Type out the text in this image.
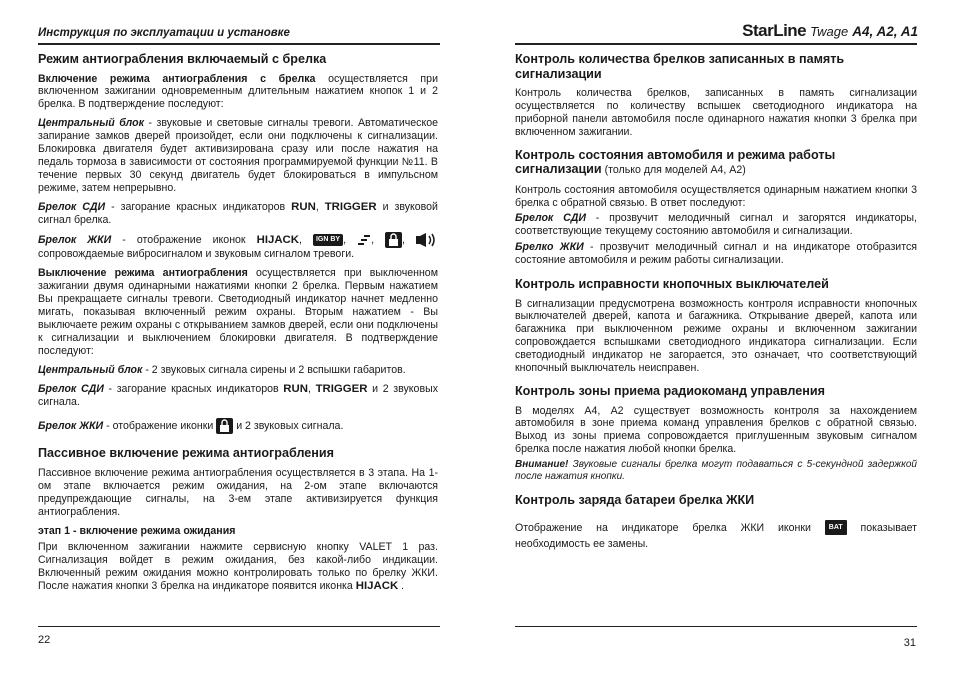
Инструкция по эксплуатации и установке
Режим антиограбления включаемый с брелка

Включение режима антиограбления с брелка осуществляется при включенном зажигании одновременным длительным нажатием кнопок 1 и 2 брелка. В подтверждение последуют:

Центральный блок - звуковые и световые сигналы тревоги. Автоматическое запирание замков дверей произойдет, если они подключены к сигнализации. Блокировка двигателя будет активизирована сразу или после нажатия на педаль тормоза в зависимости от состояния программируемой функции №11. В течение первых 30 секунд двигатель будет блокироваться в импульсном режиме, затем непрерывно.

Брелок СДИ - загорание красных индикаторов RUN, TRIGGER и звуковой сигнал брелка.

Брелок ЖКИ - отображение иконок HIJACK, IGN BY , , ,  сопровождаемые вибросигналом и звуковым сигналом тревоги.

Выключение режима антиограбления осуществляется при выключенном зажигании двумя одинарными нажатиями кнопки 2 брелка. Первым нажатием Вы прекращаете сигналы тревоги. Светодиодный индикатор начнет медленно мигать, показывая включенный режим охраны. Вторым нажатием - Вы выключаете режим охраны с открыванием замков дверей, если они подключены к сигнализации и выключением блокировки двигателя. В подтверждение последуют:

Центральный блок - 2 звуковых сигнала сирены и 2 вспышки габаритов.

Брелок СДИ - загорание красных индикаторов RUN, TRIGGER и 2 звуковых сигнала.

Брелок ЖКИ - отображение иконки  и 2 звуковых сигнала.

Пассивное включение режима антиограбления

Пассивное включение режима антиограбления осуществляется в 3 этапа. На 1-ом этапе включается режим ожидания, на 2-ом этапе включаются предупреждающие сигналы, на 3-ем этапе активизируется функция антиограбления.

этап 1 - включение режима ожидания

При включенном зажигании нажмите сервисную кнопку VALET 1 раз. Сигнализация войдет в режим ожидания, без какой-либо индикации. Включенный режим ожидания можно контролировать только по брелку ЖКИ. После нажатия кнопки 3 брелка на индикаторе появится иконка HIJACK .

22
StarLine Twage A4, A2, A1
Контроль количества брелков записанных в память сигнализации

Контроль количества брелков, записанных в память сигнализации осуществляется по количеству вспышек светодиодного индикатора на приборной панели автомобиля после одинарного нажатия кнопки 3 брелка при включенном зажигании.

Контроль состояния автомобиля и режима работы сигнализации (только для моделей А4, А2)

Контроль состояния автомобиля осуществляется одинарным нажатием кнопки 3 брелка с обратной связью. В ответ последуют:

Брелок СДИ - прозвучит мелодичный сигнал и загорятся индикаторы, соответствующие текущему состоянию автомобиля и сигнализации.

Брелко ЖКИ - прозвучит мелодичный сигнал и на индикаторе отобразится состояние автомобиля и режим работы сигнализации.

Контроль исправности кнопочных выключателей

В сигнализации предусмотрена возможность контроля исправности кнопочных выключателей дверей, капота и багажника. Открывание дверей, капота или багажника при выключенном режиме охраны и включенном зажигании сопровождается вспышками светодиодного индикатора сигнализации. Если светодиодный индикатор не загорается, это означает, что соответствующий кнопочный выключатель неисправен.

Контроль зоны приема радиокоманд управления

В моделях А4, А2 существует возможность контроля за нахождением автомобиля в зоне приема команд управления брелков с обратной связью. Выход из зоны приема сопровождается приглушенным звуковым сигналом брелка после нажатия любой кнопки брелка.

Внимание! Звуковые сигналы брелка могут подаваться с 5-секундной задержкой после нажатия кнопки.

Контроль заряда батареи брелка ЖКИ

Отображение на индикаторе брелка ЖКИ иконки BAT показывает необходимость ее замены.

31
